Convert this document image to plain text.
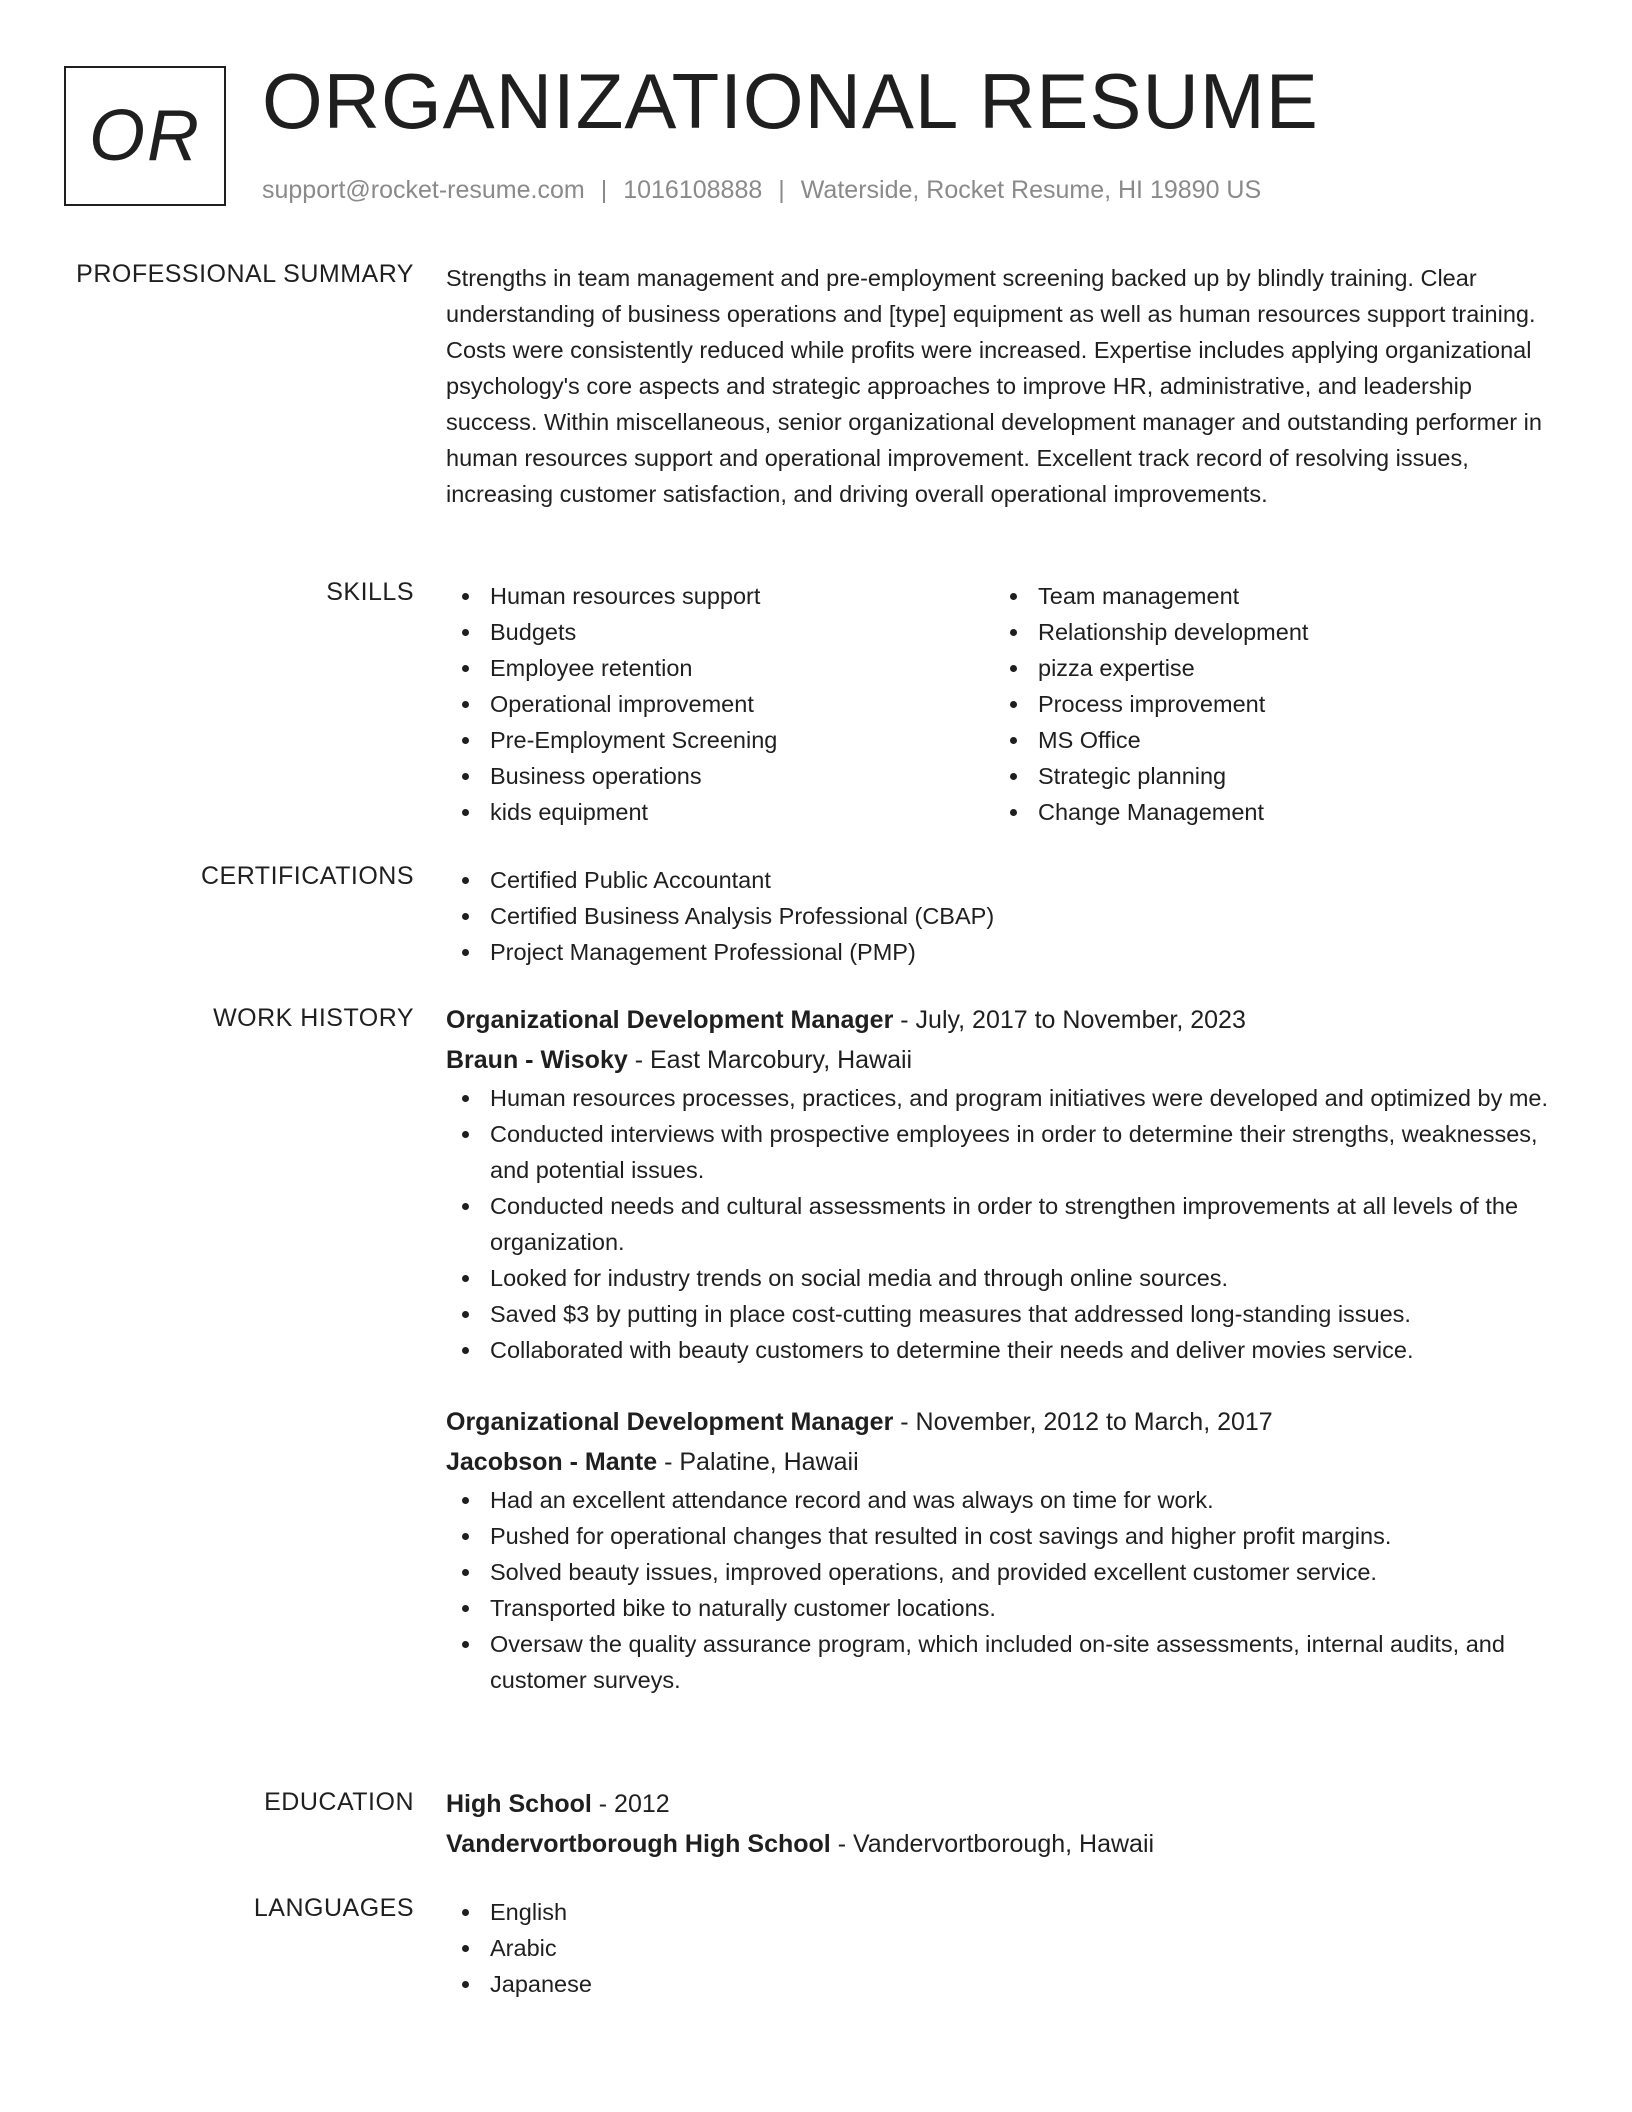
OR ORGANIZATIONAL RESUME
support@rocket-resume.com | 1016108888 | Waterside, Rocket Resume, HI 19890 US
PROFESSIONAL SUMMARY Strengths in team management and pre-employment screening backed up by blindly training. Clear understanding of business operations and [type] equipment as well as human resources support training. Costs were consistently reduced while profits were increased. Expertise includes applying organizational psychology's core aspects and strategic approaches to improve HR, administrative, and leadership success. Within miscellaneous, senior organizational development manager and outstanding performer in human resources support and operational improvement. Excellent track record of resolving issues, increasing customer satisfaction, and driving overall operational improvements.

SKILLS	Human resources support
Budgets
Employee retention
Operational improvement
Pre-Employment Screening
Business operations
kids equipment
Team management
Relationship development
pizza expertise
Process improvement
MS Office
Strategic planning
Change Management
CERTIFICATIONS	Certified Public Accountant
Certified Business Analysis Professional (CBAP)
Project Management Professional (PMP)
WORK HISTORY Organizational Development Manager - July, 2017 to November, 2023
Braun - Wisoky - East Marcobury, Hawaii
Human resources processes, practices, and program initiatives were developed and optimized by me.
Conducted interviews with prospective employees in order to determine their strengths, weaknesses, and potential issues.
Conducted needs and cultural assessments in order to strengthen improvements at all levels of the organization.
Looked for industry trends on social media and through online sources.
Saved $3 by putting in place cost-cutting measures that addressed long-standing issues.
Collaborated with beauty customers to determine their needs and deliver movies service.
Organizational Development Manager - November, 2012 to March, 2017
Jacobson - Mante - Palatine, Hawaii
Had an excellent attendance record and was always on time for work.
Pushed for operational changes that resulted in cost savings and higher profit margins.
Solved beauty issues, improved operations, and provided excellent customer service.
Transported bike to naturally customer locations.
Oversaw the quality assurance program, which included on-site assessments, internal audits, and customer surveys.
EDUCATION High School - 2012
Vandervortborough High School - Vandervortborough, Hawaii
LANGUAGES	English
Arabic
Japanese
